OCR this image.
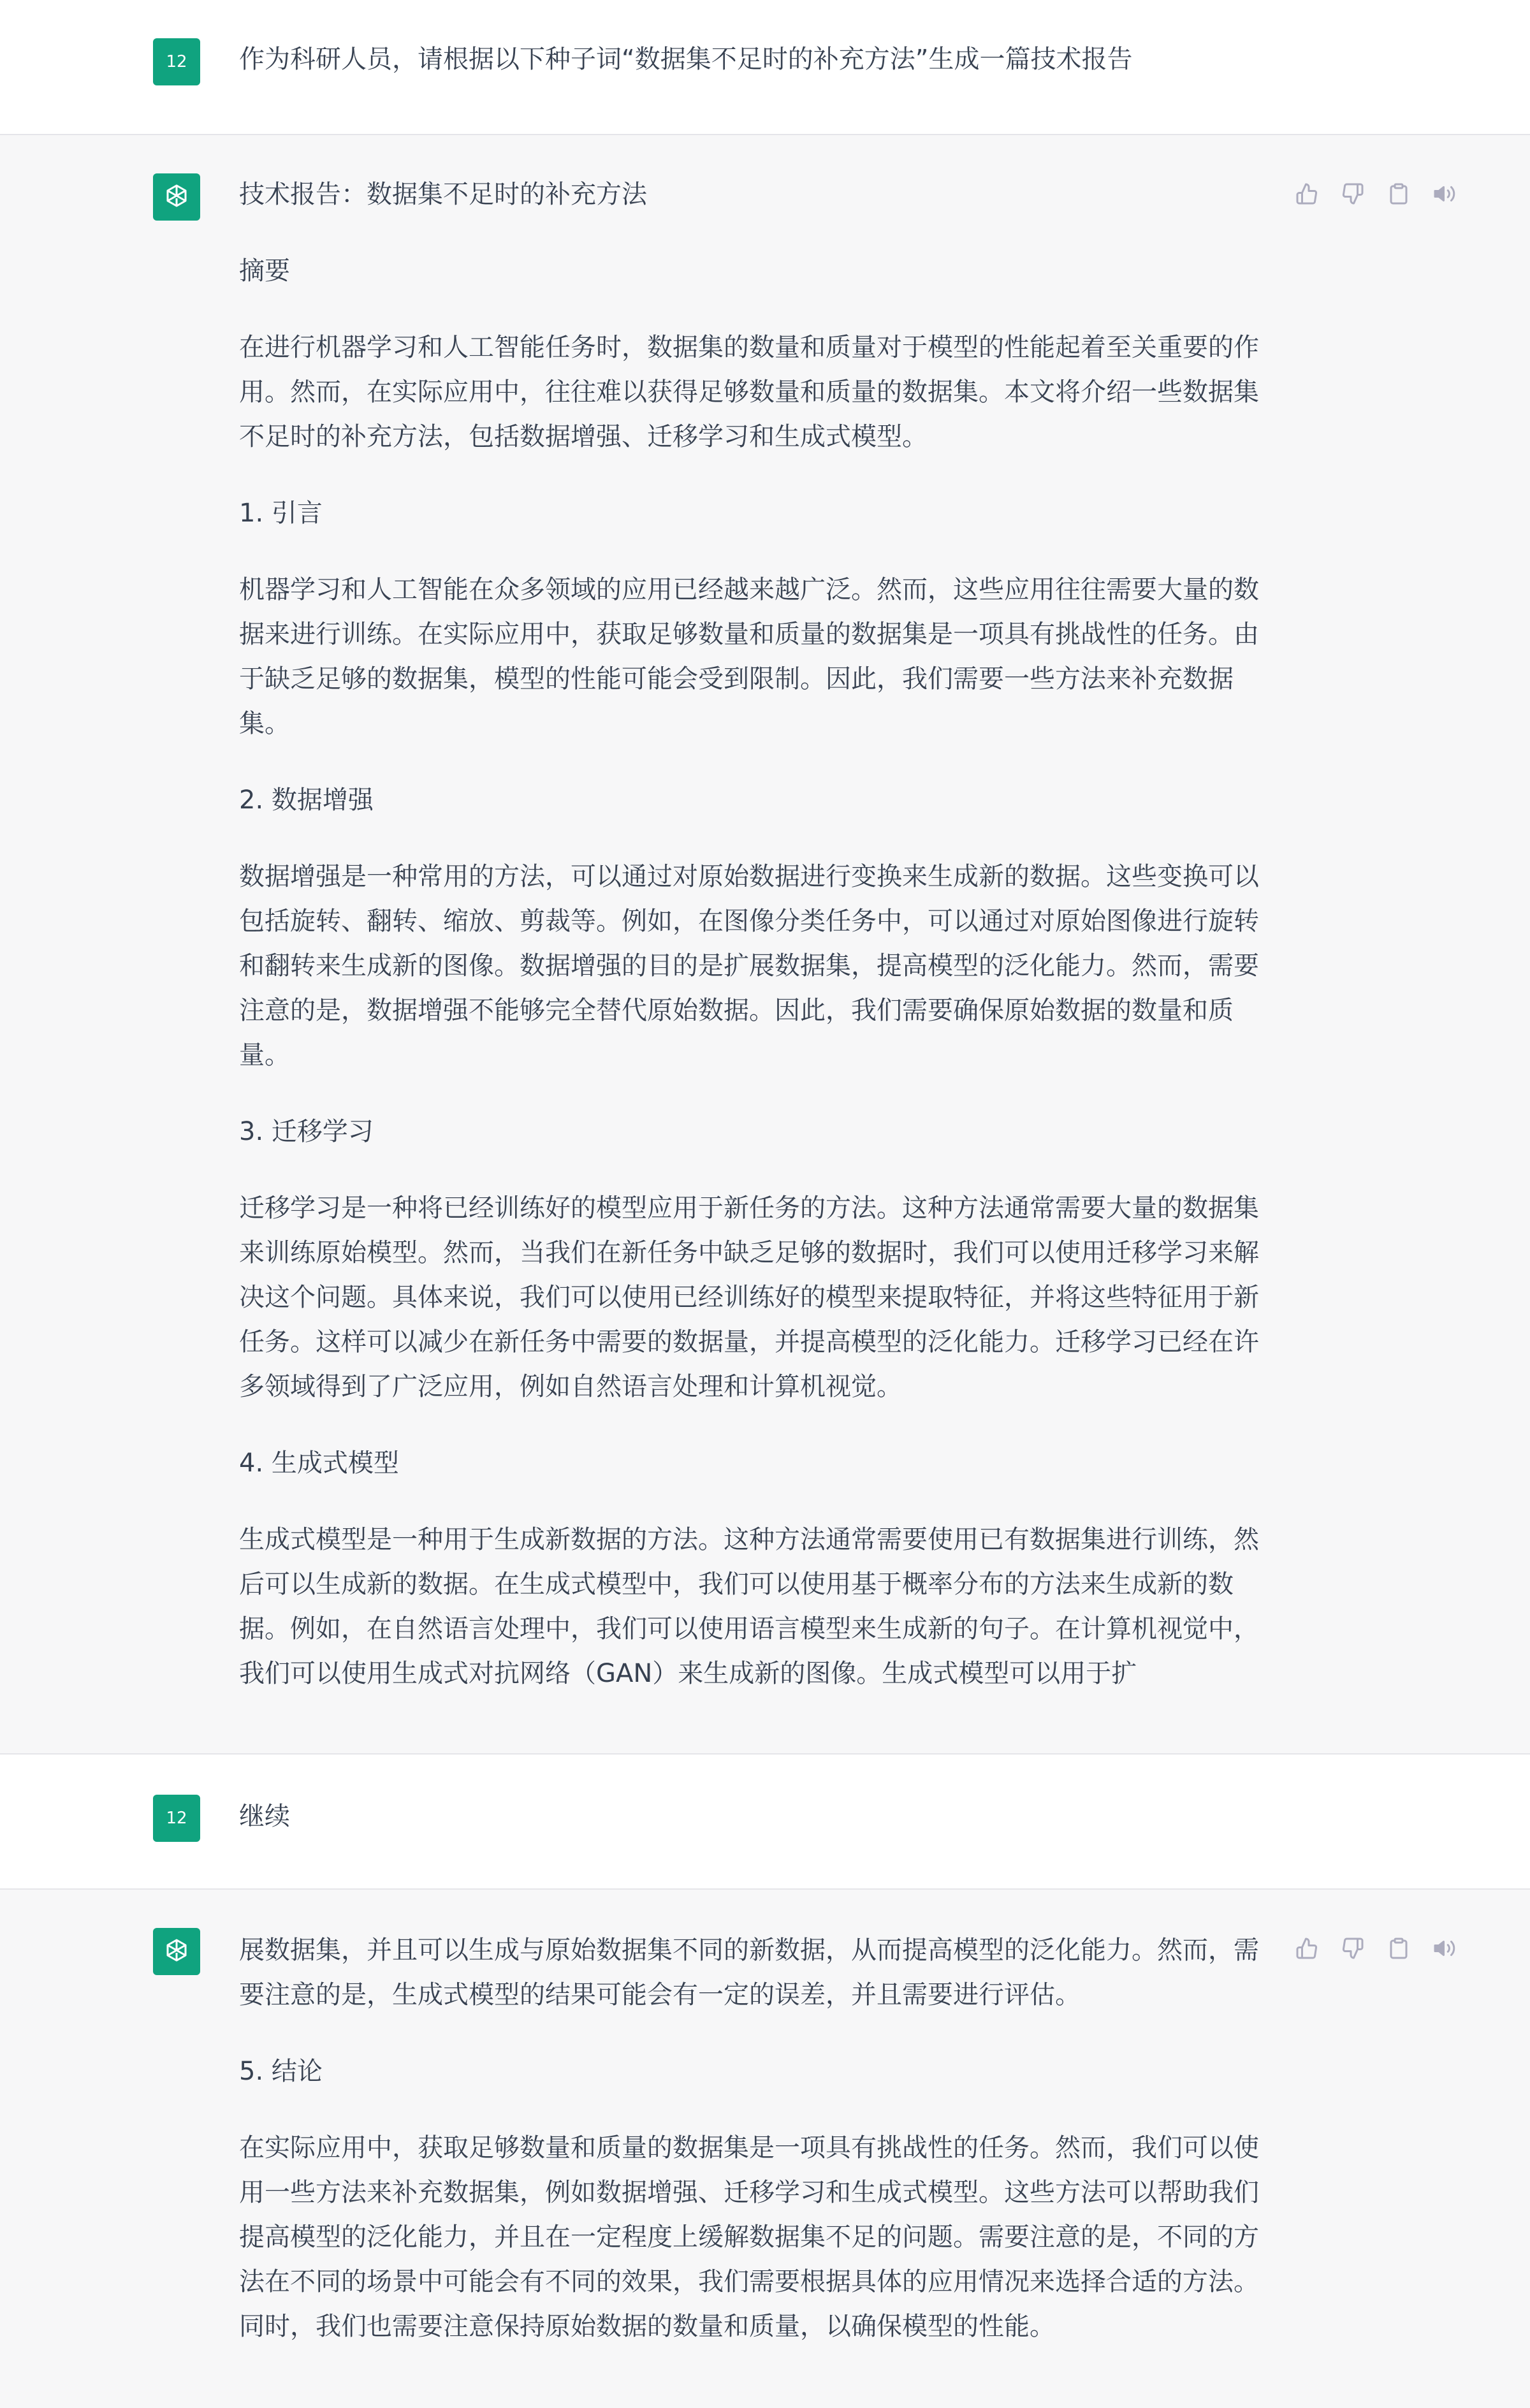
12	作为科研人员，请根据以下种子词“数据集不足时的补充方法”生成一篇技术报告

技术报告：数据集不足时的补充方法

摘要

在进行机器学习和人工智能任务时，数据集的数量和质量对于模型的性能起着至关重要的作用。然而，在实际应用中，往往难以获得足够数量和质量的数据集。本文将介绍一些数据集不足时的补充方法，包括数据增强、迁移学习和生成式模型。

1. 引言

机器学习和人工智能在众多领域的应用已经越来越广泛。然而，这些应用往往需要大量的数据来进行训练。在实际应用中，获取足够数量和质量的数据集是一项具有挑战性的任务。由于缺乏足够的数据集，模型的性能可能会受到限制。因此，我们需要一些方法来补充数据集。

2. 数据增强

数据增强是一种常用的方法，可以通过对原始数据进行变换来生成新的数据。这些变换可以包括旋转、翻转、缩放、剪裁等。例如，在图像分类任务中，可以通过对原始图像进行旋转和翻转来生成新的图像。数据增强的目的是扩展数据集，提高模型的泛化能力。然而，需要注意的是，数据增强不能够完全替代原始数据。因此，我们需要确保原始数据的数量和质量。

3. 迁移学习

迁移学习是一种将已经训练好的模型应用于新任务的方法。这种方法通常需要大量的数据集来训练原始模型。然而，当我们在新任务中缺乏足够的数据时，我们可以使用迁移学习来解决这个问题。具体来说，我们可以使用已经训练好的模型来提取特征，并将这些特征用于新任务。这样可以减少在新任务中需要的数据量，并提高模型的泛化能力。迁移学习已经在许多领域得到了广泛应用，例如自然语言处理和计算机视觉。

4. 生成式模型

生成式模型是一种用于生成新数据的方法。这种方法通常需要使用已有数据集进行训练，然后可以生成新的数据。在生成式模型中，我们可以使用基于概率分布的方法来生成新的数据。例如，在自然语言处理中，我们可以使用语言模型来生成新的句子。在计算机视觉中，我们可以使用生成式对抗网络（GAN）来生成新的图像。生成式模型可以用于扩

12	继续

展数据集，并且可以生成与原始数据集不同的新数据，从而提高模型的泛化能力。然而，需要注意的是，生成式模型的结果可能会有一定的误差，并且需要进行评估。

5. 结论

在实际应用中，获取足够数量和质量的数据集是一项具有挑战性的任务。然而，我们可以使用一些方法来补充数据集，例如数据增强、迁移学习和生成式模型。这些方法可以帮助我们提高模型的泛化能力，并且在一定程度上缓解数据集不足的问题。需要注意的是，不同的方法在不同的场景中可能会有不同的效果，我们需要根据具体的应用情况来选择合适的方法。同时，我们也需要注意保持原始数据的数量和质量，以确保模型的性能。
